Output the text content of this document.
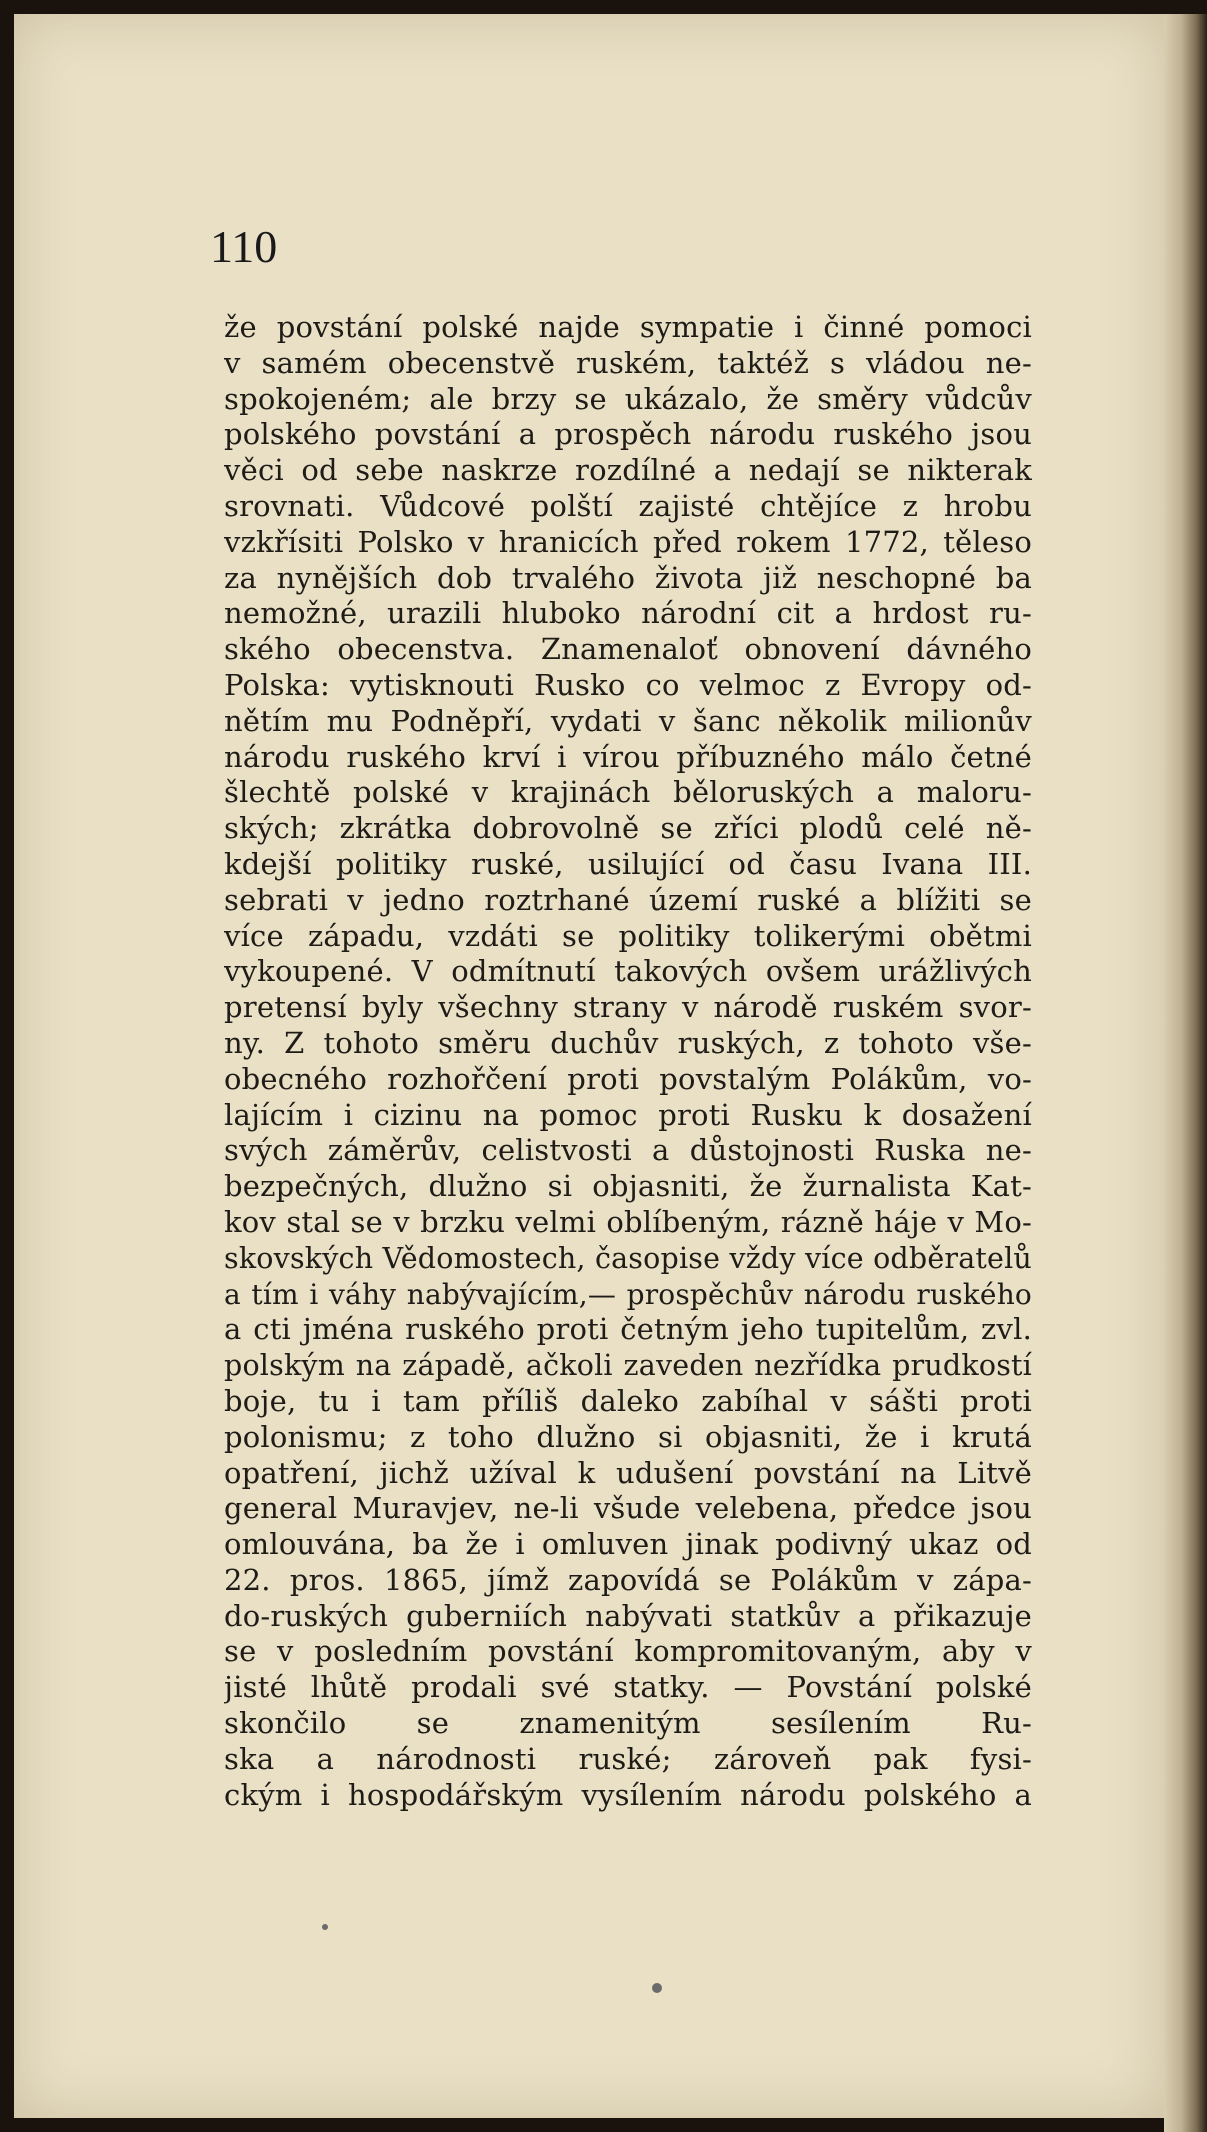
110
že povstání polské najde sympatie i činné pomoci
v samém obecenstvě ruském, taktéž s vládou ne-
spokojeném; ale brzy se ukázalo, že směry vůdcův
polského povstání a prospěch národu ruského jsou
věci od sebe naskrze rozdílné a nedají se nikterak
srovnati. Vůdcové polští zajisté chtějíce z hrobu
vzkřísiti Polsko v hranicích před rokem 1772, těleso
za nynějších dob trvalého života již neschopné ba
nemožné, urazili hluboko národní cit a hrdost ru-
ského obecenstva. Znamenaloť obnovení dávného
Polska: vytisknouti Rusko co velmoc z Evropy od-
nětím mu Podněpří, vydati v šanc několik milionův
národu ruského krví i vírou příbuzného málo četné
šlechtě polské v krajinách běloruských a maloru-
ských; zkrátka dobrovolně se zříci plodů celé ně-
kdejší politiky ruské, usilující od času Ivana III.
sebrati v jedno roztrhané území ruské a blížiti se
více západu, vzdáti se politiky tolikerými obětmi
vykoupené. V odmítnutí takových ovšem urážlivých
pretensí byly všechny strany v národě ruském svor-
ny. Z tohoto směru duchův ruských, z tohoto vše-
obecného rozhořčení proti povstalým Polákům, vo-
lajícím i cizinu na pomoc proti Rusku k dosažení
svých záměrův, celistvosti a důstojnosti Ruska ne-
bezpečných, dlužno si objasniti, že žurnalista Kat-
kov stal se v brzku velmi oblíbeným, rázně háje v Mo-
skovských Vědomostech, časopise vždy více odběratelů
a tím i váhy nabývajícím,— prospěchův národu ruského
a cti jména ruského proti četným jeho tupitelům, zvl.
polským na západě, ačkoli zaveden nezřídka prudkostí
boje, tu i tam příliš daleko zabíhal v sášti proti
polonismu; z toho dlužno si objasniti, že i krutá
opatření, jichž užíval k udušení povstání na Litvě
general Muravjev, ne-li všude velebena, předce jsou
omlouvána, ba že i omluven jinak podivný ukaz od
22. pros. 1865, jímž zapovídá se Polákům v zápa-
do-ruských guberniích nabývati statkův a přikazuje
se v posledním povstání kompromitovaným, aby v
jisté lhůtě prodali své statky. — Povstání polské
skončilo se znamenitým sesílením Ru-
ska a národnosti ruské; zároveň pak fysi-
ckým i hospodářským vysílením národu polského a
